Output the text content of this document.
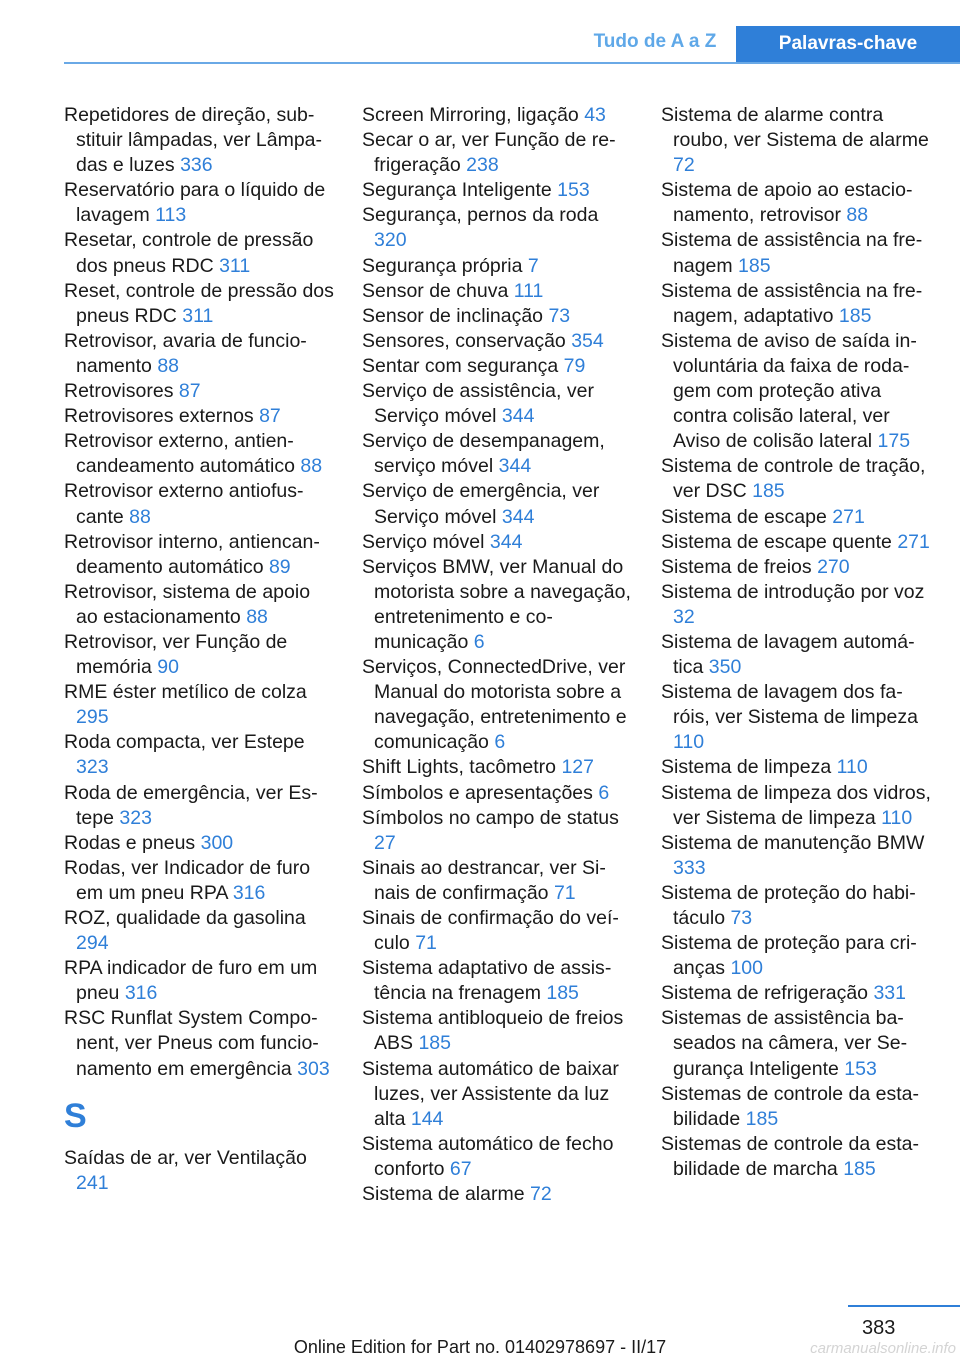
Tudo de A a Z	Palavras-chave
Repetidores de direção, substituir lâmpadas, ver Lâmpadas e luzes 336
Reservatório para o líquido de lavagem 113
Resetar, controle de pressão dos pneus RDC 311
Reset, controle de pressão dos pneus RDC 311
Retrovisor, avaria de funcionamento 88
Retrovisores 87
Retrovisores externos 87
Retrovisor externo, antiencandeamento automático 88
Retrovisor externo antiofuscante 88
Retrovisor interno, antiencandeamento automático 89
Retrovisor, sistema de apoio ao estacionamento 88
Retrovisor, ver Função de memória 90
RME éster metílico de colza 295
Roda compacta, ver Estepe 323
Roda de emergência, ver Estepe 323
Rodas e pneus 300
Rodas, ver Indicador de furo em um pneu RPA 316
ROZ, qualidade da gasolina 294
RPA indicador de furo em um pneu 316
RSC Runflat System Component, ver Pneus com funcionamento em emergência 303
S
Saídas de ar, ver Ventilação 241
Screen Mirroring, ligação 43
Secar o ar, ver Função de refrigeração 238
Segurança Inteligente 153
Segurança, pernos da roda 320
Segurança própria 7
Sensor de chuva 111
Sensor de inclinação 73
Sensores, conservação 354
Sentar com segurança 79
Serviço de assistência, ver Serviço móvel 344
Serviço de desempanagem, serviço móvel 344
Serviço de emergência, ver Serviço móvel 344
Serviço móvel 344
Serviços BMW, ver Manual do motorista sobre a navegação, entretenimento e comunicação 6
Serviços, ConnectedDrive, ver Manual do motorista sobre a navegação, entretenimento e comunicação 6
Shift Lights, tacômetro 127
Símbolos e apresentações 6
Símbolos no campo de status 27
Sinais ao destrancar, ver Sinais de confirmação 71
Sinais de confirmação do veículo 71
Sistema adaptativo de assistência na frenagem 185
Sistema antibloqueio de freios ABS 185
Sistema automático de baixar luzes, ver Assistente da luz alta 144
Sistema automático de fecho conforto 67
Sistema de alarme 72
Sistema de alarme contra roubo, ver Sistema de alarme 72
Sistema de apoio ao estacionamento, retrovisor 88
Sistema de assistência na frenagem 185
Sistema de assistência na frenagem, adaptativo 185
Sistema de aviso de saída involuntária da faixa de rodagem com proteção ativa contra colisão lateral, ver Aviso de colisão lateral 175
Sistema de controle de tração, ver DSC 185
Sistema de escape 271
Sistema de escape quente 271
Sistema de freios 270
Sistema de introdução por voz 32
Sistema de lavagem automática 350
Sistema de lavagem dos faróis, ver Sistema de limpeza 110
Sistema de limpeza 110
Sistema de limpeza dos vidros, ver Sistema de limpeza 110
Sistema de manutenção BMW 333
Sistema de proteção do habitáculo 73
Sistema de proteção para crianças 100
Sistema de refrigeração 331
Sistemas de assistência baseados na câmera, ver Segurança Inteligente 153
Sistemas de controle da estabilidade 185
Sistemas de controle da estabilidade de marcha 185
383
Online Edition for Part no. 01402978697 - II/17	carmanualsonline.info
